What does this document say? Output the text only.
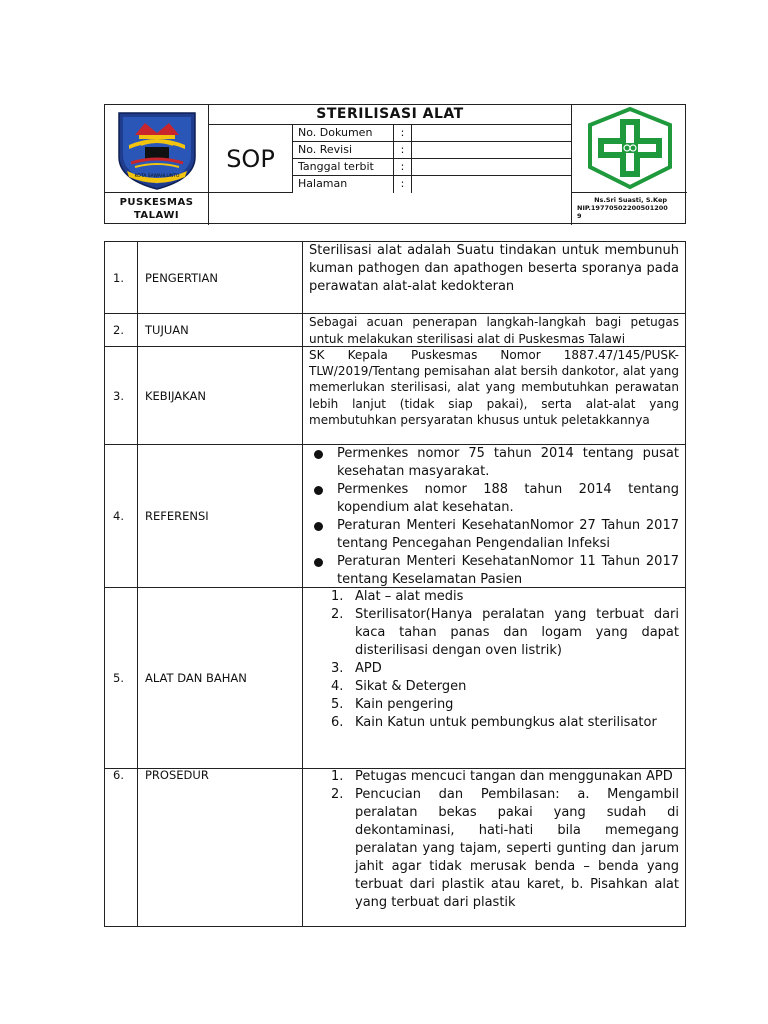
KOTA SAWAHLUNTO
PUSKESMAS
TALAWI
STERILISASI ALAT
SOP
No. Dokumen	:
No. Revisi	:
Tanggal terbit	:
Halaman	:
Ns.Sri Suasti, S.Kep
NIP.19770502200501200
9
1.	PENGERTIAN
Sterilisasi alat adalah Suatu tindakan untuk membunuh kuman pathogen dan apathogen beserta sporanya pada perawatan alat-alat kedokteran
2.	TUJUAN
Sebagai acuan penerapan langkah-langkah bagi petugas untuk melakukan sterilisasi alat di Puskesmas Talawi
3.	KEBIJAKAN
SK Kepala Puskesmas Nomor 1887.47/145/PUSK-TLW/2019/Tentang pemisahan alat bersih dankotor, alat yang memerlukan sterilisasi, alat yang membutuhkan perawatan lebih lanjut (tidak siap pakai), serta alat-alat yang membutuhkan persyaratan khusus untuk peletakkannya
4.	REFERENSI
Permenkes nomor 75 tahun 2014 tentang pusat kesehatan masyarakat.
Permenkes nomor 188 tahun 2014 tentang kopendium alat kesehatan.
Peraturan Menteri KesehatanNomor 27 Tahun 2017 tentang Pencegahan Pengendalian Infeksi
Peraturan Menteri KesehatanNomor 11 Tahun 2017 tentang Keselamatan Pasien
5.	ALAT DAN BAHAN
1. Alat – alat medis
2. Sterilisator(Hanya peralatan yang terbuat dari kaca tahan panas dan logam yang dapat disterilisasi dengan oven listrik)
3. APD
4. Sikat & Detergen
5. Kain pengering
6. Kain Katun untuk pembungkus alat sterilisator
6.	PROSEDUR	1. Petugas mencuci tangan dan menggunakan APD
2. Pencucian dan Pembilasan: a. Mengambil peralatan bekas pakai yang sudah di dekontaminasi, hati-hati bila memegang peralatan yang tajam, seperti gunting dan jarum jahit agar tidak merusak benda – benda yang terbuat dari plastik atau karet, b. Pisahkan alat yang terbuat dari plastik
